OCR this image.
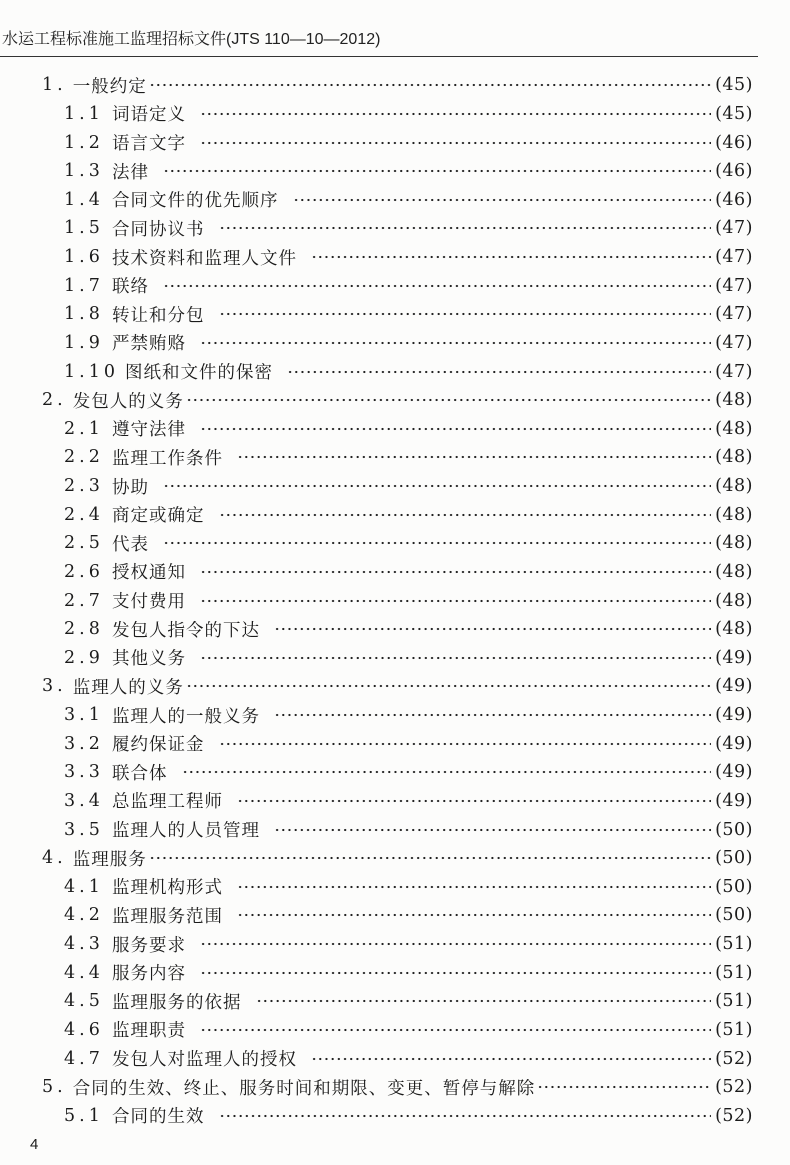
水运工程标准施工监理招标文件(JTS 110—10—2012)
1. 一般约定	(45)
1.1 词语定义	(45)
1.2 语言文字	(46)
1.3 法律	(46)
1.4 合同文件的优先顺序	(46)
1.5 合同协议书	(47)
1.6 技术资料和监理人文件	(47)
1.7 联络	(47)
1.8 转让和分包	(47)
1.9 严禁贿赂	(47)
1.10 图纸和文件的保密	(47)
2. 发包人的义务	(48)
2.1 遵守法律	(48)
2.2 监理工作条件	(48)
2.3 协助	(48)
2.4 商定或确定	(48)
2.5 代表	(48)
2.6 授权通知	(48)
2.7 支付费用	(48)
2.8 发包人指令的下达	(48)
2.9 其他义务	(49)
3. 监理人的义务	(49)
3.1 监理人的一般义务	(49)
3.2 履约保证金	(49)
3.3 联合体	(49)
3.4 总监理工程师	(49)
3.5 监理人的人员管理	(50)
4. 监理服务	(50)
4.1 监理机构形式	(50)
4.2 监理服务范围	(50)
4.3 服务要求	(51)
4.4 服务内容	(51)
4.5 监理服务的依据	(51)
4.6 监理职责	(51)
4.7 发包人对监理人的授权	(52)
5. 合同的生效、终止、服务时间和期限、变更、暂停与解除	(52)
5.1 合同的生效	(52)
4
